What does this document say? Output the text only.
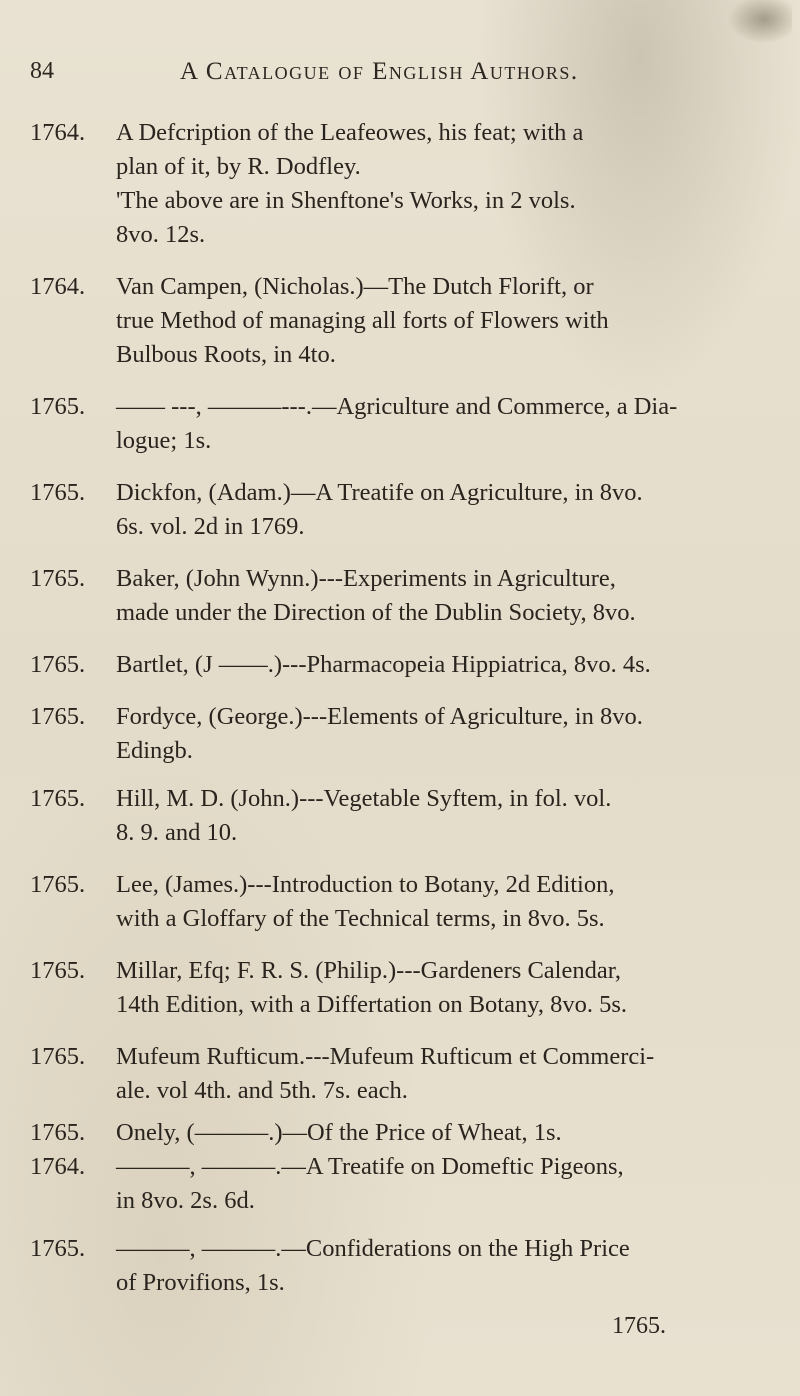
84	A Catalogue of English Authors.
1764.	A Defcription of the Leafeowes, his feat; with a
plan of it, by R. Dodfley.
'The above are in Shenftone's Works, in 2 vols.
8vo. 12s.
1764.	Van Campen, (Nicholas.)—The Dutch Florift, or
true Method of managing all forts of Flowers with
Bulbous Roots, in 4to.
1765.	—— ---, ———---.—Agriculture and Commerce, a Dia-
logue; 1s.
1765.	Dickfon, (Adam.)—A Treatife on Agriculture, in 8vo.
6s. vol. 2d in 1769.
1765.	Baker, (John Wynn.)---Experiments in Agriculture,
made under the Direction of the Dublin Society, 8vo.
1765.	Bartlet, (J ——.)---Pharmacopeia Hippiatrica, 8vo. 4s.
1765.	Fordyce, (George.)---Elements of Agriculture, in 8vo.
Edingb.
1765.	Hill, M. D. (John.)---Vegetable Syftem, in fol. vol.
8. 9. and 10.
1765.	Lee, (James.)---Introduction to Botany, 2d Edition,
with a Gloffary of the Technical terms, in 8vo. 5s.
1765.	Millar, Efq; F. R. S. (Philip.)---Gardeners Calendar,
14th Edition, with a Differtation on Botany, 8vo. 5s.
1765.	Mufeum Rufticum.---Mufeum Rufticum et Commerci-
ale. vol 4th. and 5th. 7s. each.
1765.	Onely, (———.)—Of the Price of Wheat, 1s.
1764.	———, ———.—A Treatife on Domeftic Pigeons,
in 8vo. 2s. 6d.
1765.	———, ———.—Confiderations on the High Price
of Provifions, 1s.
1765.
